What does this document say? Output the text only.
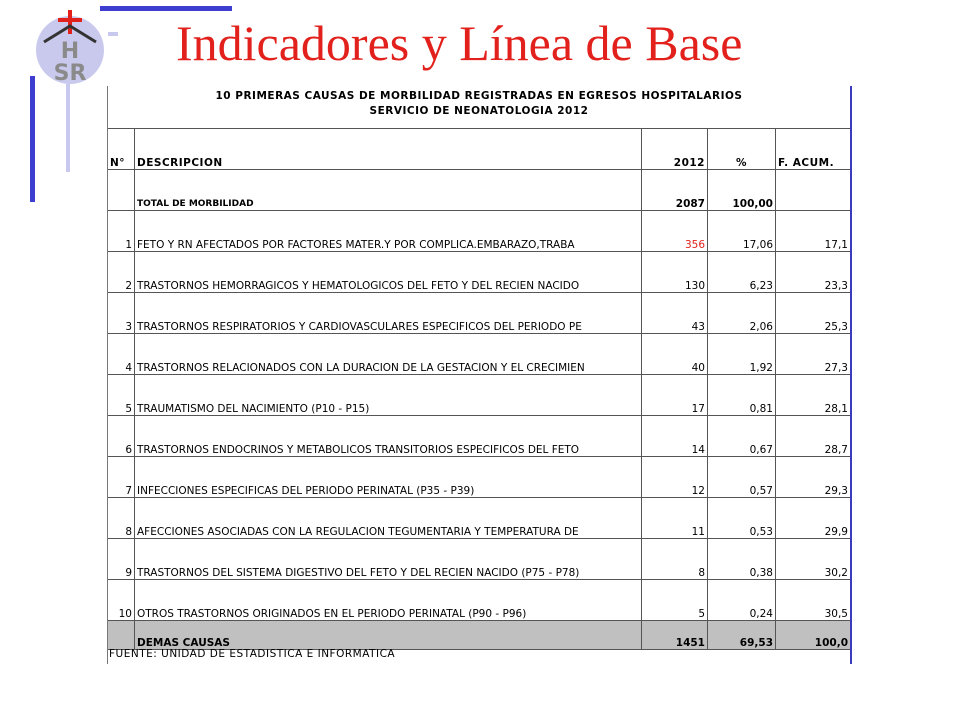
H
SR
Indicadores y Línea de Base
10 PRIMERAS CAUSAS DE MORBILIDAD REGISTRADAS EN EGRESOS HOSPITALARIOS
SERVICIO DE NEONATOLOGIA 2012
N°	DESCRIPCION	2012	%	F. ACUM.
	TOTAL DE MORBILIDAD	2087	100,00	
1	FETO Y RN AFECTADOS POR FACTORES MATER.Y POR COMPLICA.EMBARAZO,TRABA	356	17,06	17,1
2	TRASTORNOS HEMORRAGICOS Y HEMATOLOGICOS DEL FETO Y DEL RECIEN NACIDO	130	6,23	23,3
3	TRASTORNOS RESPIRATORIOS Y CARDIOVASCULARES ESPECIFICOS DEL PERIODO PE	43	2,06	25,3
4	TRASTORNOS RELACIONADOS CON LA DURACION DE LA GESTACION Y EL CRECIMIEN	40	1,92	27,3
5	TRAUMATISMO DEL NACIMIENTO (P10 - P15)	17	0,81	28,1
6	TRASTORNOS ENDOCRINOS Y METABOLICOS TRANSITORIOS ESPECIFICOS DEL FETO	14	0,67	28,7
7	INFECCIONES ESPECIFICAS DEL PERIODO PERINATAL (P35 - P39)	12	0,57	29,3
8	AFECCIONES ASOCIADAS CON LA REGULACION TEGUMENTARIA Y TEMPERATURA DE	11	0,53	29,9
9	TRASTORNOS DEL SISTEMA DIGESTIVO DEL FETO Y DEL RECIEN NACIDO (P75 - P78)	8	0,38	30,2
10	OTROS TRASTORNOS ORIGINADOS EN EL PERIODO PERINATAL (P90 - P96)	5	0,24	30,5
	DEMAS CAUSAS	1451	69,53	100,0
FUENTE: UNIDAD DE ESTADISTICA E INFORMATICA
